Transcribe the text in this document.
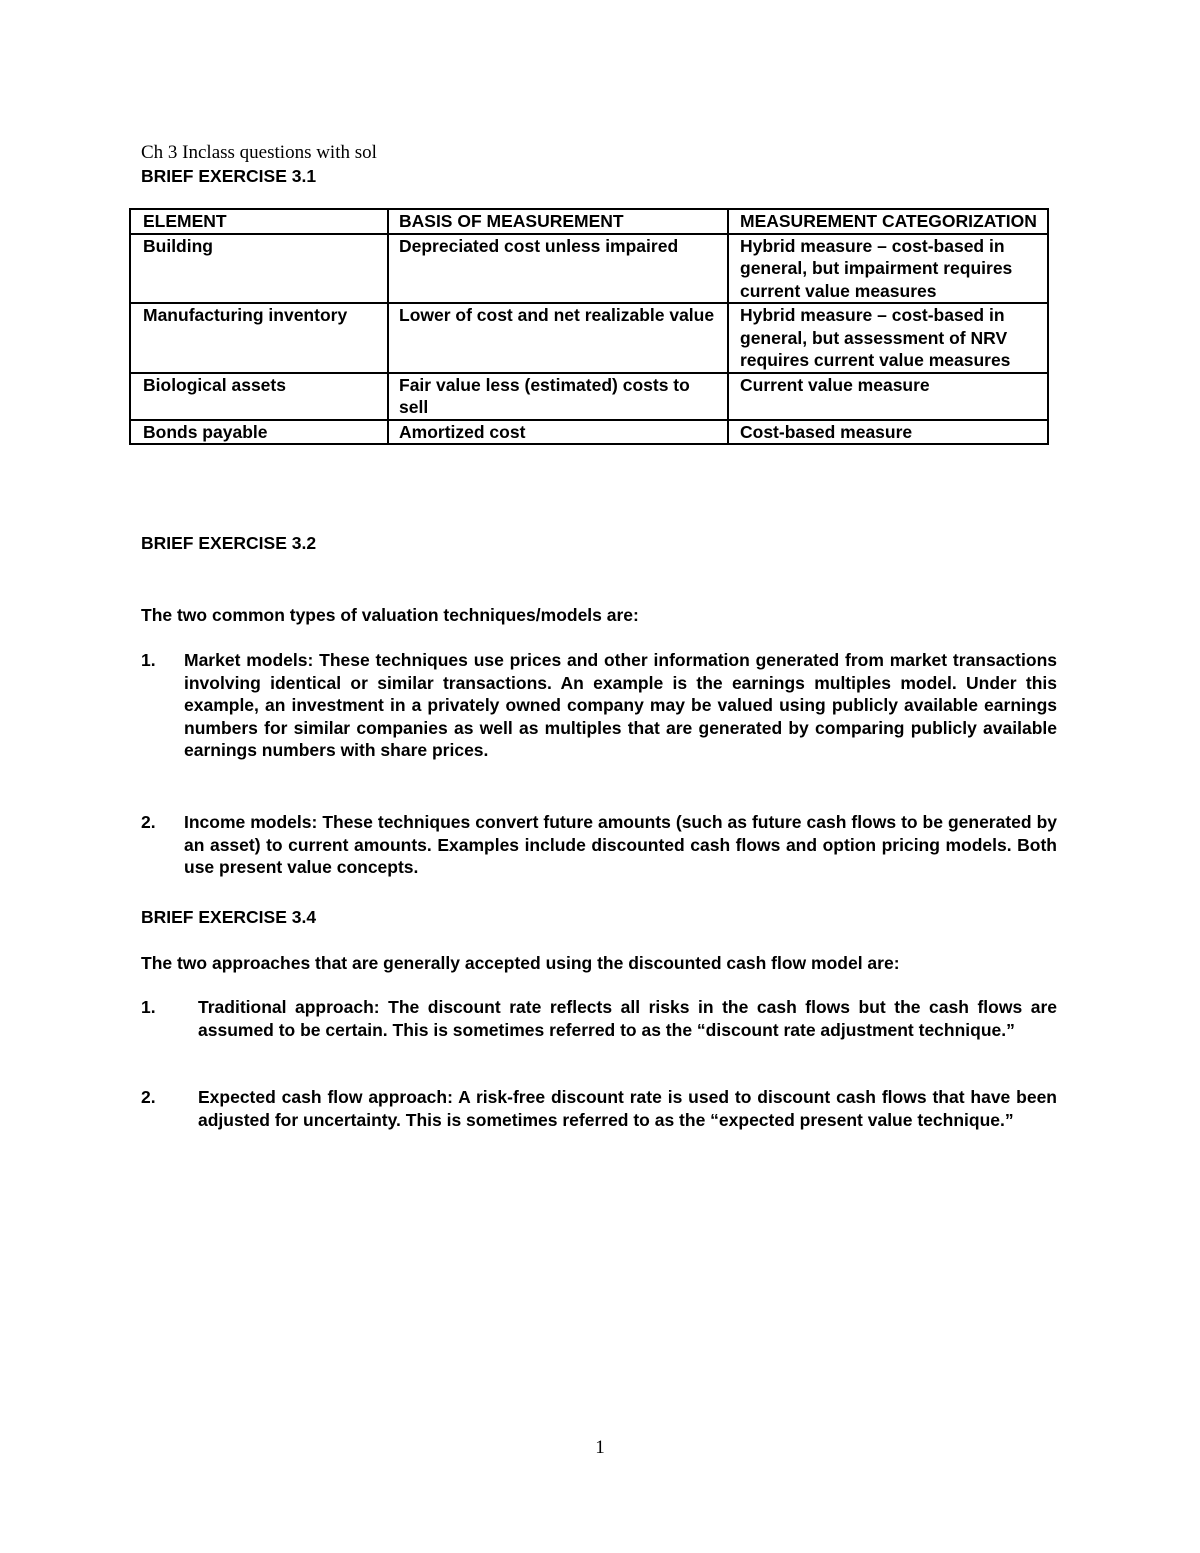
Ch 3 Inclass questions with sol
BRIEF EXERCISE 3.1
ELEMENT	BASIS OF MEASUREMENT	MEASUREMENT CATEGORIZATION
Building	Depreciated cost unless impaired	Hybrid measure – cost-based in general, but impairment requires current value measures
Manufacturing inventory	Lower of cost and net realizable value	Hybrid measure – cost-based in general, but assessment of NRV requires current value measures
Biological assets	Fair value less (estimated) costs to sell	Current value measure
Bonds payable	Amortized cost	Cost-based measure
BRIEF EXERCISE 3.2
The two common types of valuation techniques/models are:
1. Market models: These techniques use prices and other information generated from market transactions involving identical or similar transactions. An example is the earnings multiples model. Under this example, an investment in a privately owned company may be valued using publicly available earnings numbers for similar companies as well as multiples that are generated by comparing publicly available earnings numbers with share prices.
2. Income models: These techniques convert future amounts (such as future cash flows to be generated by an asset) to current amounts. Examples include discounted cash flows and option pricing models. Both use present value concepts.
BRIEF EXERCISE 3.4
The two approaches that are generally accepted using the discounted cash flow model are:
1. Traditional approach: The discount rate reflects all risks in the cash flows but the cash flows are assumed to be certain. This is sometimes referred to as the “discount rate adjustment technique.”
2. Expected cash flow approach: A risk-free discount rate is used to discount cash flows that have been adjusted for uncertainty. This is sometimes referred to as the “expected present value technique.”
1
